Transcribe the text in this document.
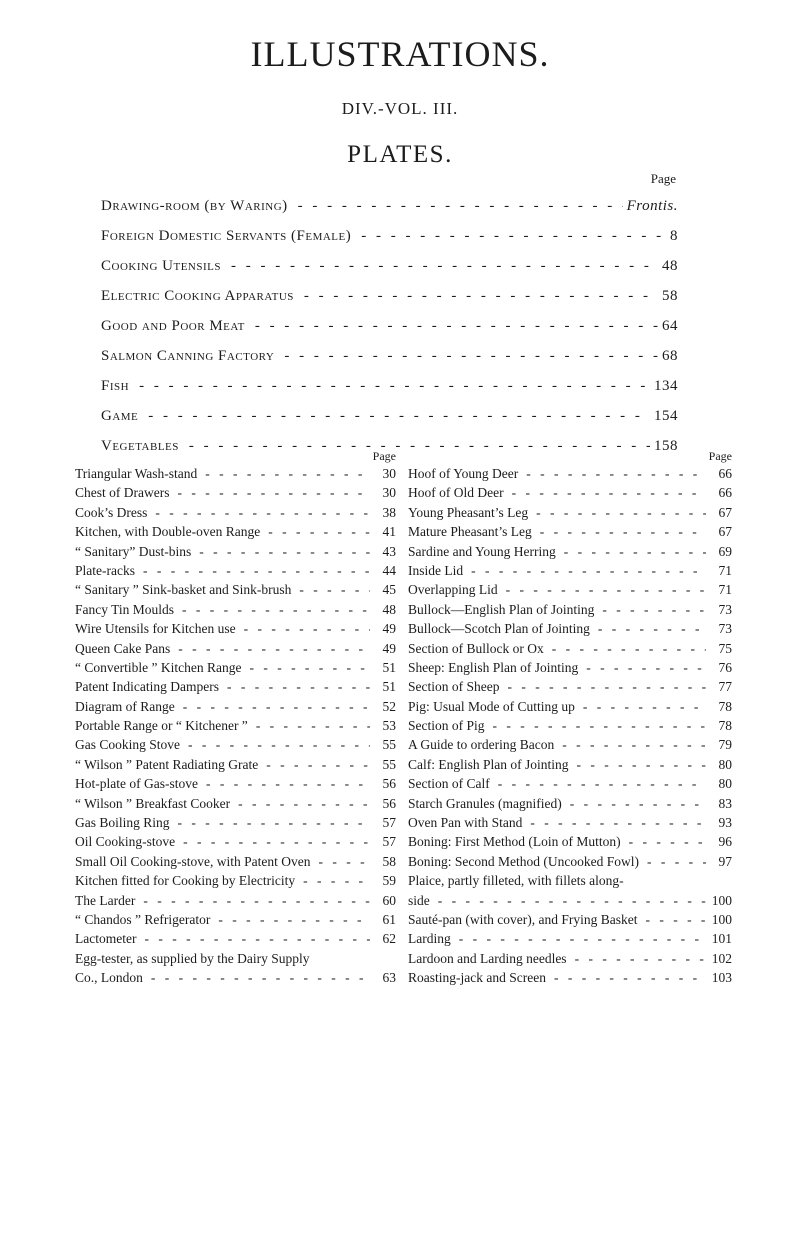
ILLUSTRATIONS.
DIV.-VOL. III.
PLATES.
Page
Drawing-room (by Waring) - - -	Frontis.
Foreign Domestic Servants (Female) - - -	8
Cooking Utensils - - -	48
Electric Cooking Apparatus - - -	58
Good and Poor Meat - - -	64
Salmon Canning Factory - - -	68
Fish - - -	134
Game - - -	154
Vegetables - - -	158
Page
Triangular Wash-stand - - -	30
Chest of Drawers - - -	30
Cook’s Dress - - -	38
Kitchen, with Double-oven Range - - -	41
“ Sanitary” Dust-bins - - -	43
Plate-racks - - -	44
“ Sanitary ” Sink-basket and Sink-brush - - -	45
Fancy Tin Moulds - - -	48
Wire Utensils for Kitchen use - - -	49
Queen Cake Pans - - -	49
“ Convertible ” Kitchen Range - - -	51
Patent Indicating Dampers - - -	51
Diagram of Range - - -	52
Portable Range or “ Kitchener ” - - -	53
Gas Cooking Stove - - -	55
“ Wilson ” Patent Radiating Grate - - -	55
Hot-plate of Gas-stove - - -	56
“ Wilson ” Breakfast Cooker - - -	56
Gas Boiling Ring - - -	57
Oil Cooking-stove - - -	57
Small Oil Cooking-stove, with Patent Oven - - -	58
Kitchen fitted for Cooking by Electricity - - -	59
The Larder - - -	60
“ Chandos ” Refrigerator - - -	61
Lactometer - - -	62
Egg-tester, as supplied by the Dairy Supply
Co., London - - -	63
Page
Hoof of Young Deer - - -	66
Hoof of Old Deer - - -	66
Young Pheasant’s Leg - - -	67
Mature Pheasant’s Leg - - -	67
Sardine and Young Herring - - -	69
Inside Lid - - -	71
Overlapping Lid - - -	71
Bullock—English Plan of Jointing - - -	73
Bullock—Scotch Plan of Jointing - - -	73
Section of Bullock or Ox - - -	75
Sheep: English Plan of Jointing - - -	76
Section of Sheep - - -	77
Pig: Usual Mode of Cutting up - - -	78
Section of Pig - - -	78
A Guide to ordering Bacon - - -	79
Calf: English Plan of Jointing - - -	80
Section of Calf - - -	80
Starch Granules (magnified) - - -	83
Oven Pan with Stand - - -	93
Boning: First Method (Loin of Mutton) - - -	96
Boning: Second Method (Uncooked Fowl) - - -	97
Plaice, partly filleted, with fillets along-
side - - -	100
Sauté-pan (with cover), and Frying Basket - - -	100
Larding - - -	101
Lardoon and Larding needles - - -	102
Roasting-jack and Screen - - -	103
